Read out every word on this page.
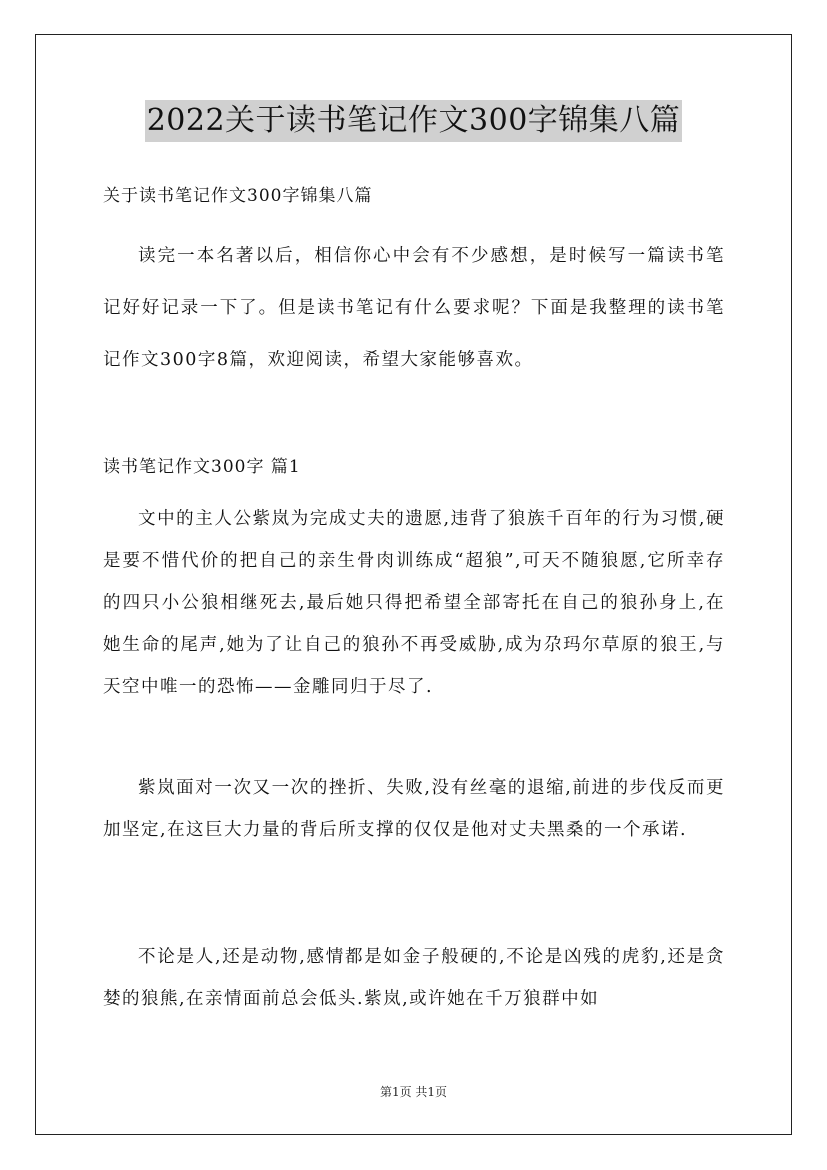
2022关于读书笔记作文300字锦集八篇
关于读书笔记作文300字锦集八篇
读完一本名著以后，相信你心中会有不少感想，是时候写一篇读书笔记好好记录一下了。但是读书笔记有什么要求呢？下面是我整理的读书笔记作文300字8篇，欢迎阅读，希望大家能够喜欢。
读书笔记作文300字 篇1
文中的主人公紫岚为完成丈夫的遗愿,违背了狼族千百年的行为习惯,硬是要不惜代价的把自己的亲生骨肉训练成“超狼”,可天不随狼愿,它所幸存的四只小公狼相继死去,最后她只得把希望全部寄托在自己的狼孙身上,在她生命的尾声,她为了让自己的狼孙不再受威胁,成为尕玛尔草原的狼王,与天空中唯一的恐怖——金雕同归于尽了.
紫岚面对一次又一次的挫折、失败,没有丝毫的退缩,前进的步伐反而更加坚定,在这巨大力量的背后所支撑的仅仅是他对丈夫黑桑的一个承诺.
不论是人,还是动物,感情都是如金子般硬的,不论是凶残的虎豹,还是贪婪的狼熊,在亲情面前总会低头.紫岚,或许她在千万狼群中如
第1页 共1页
